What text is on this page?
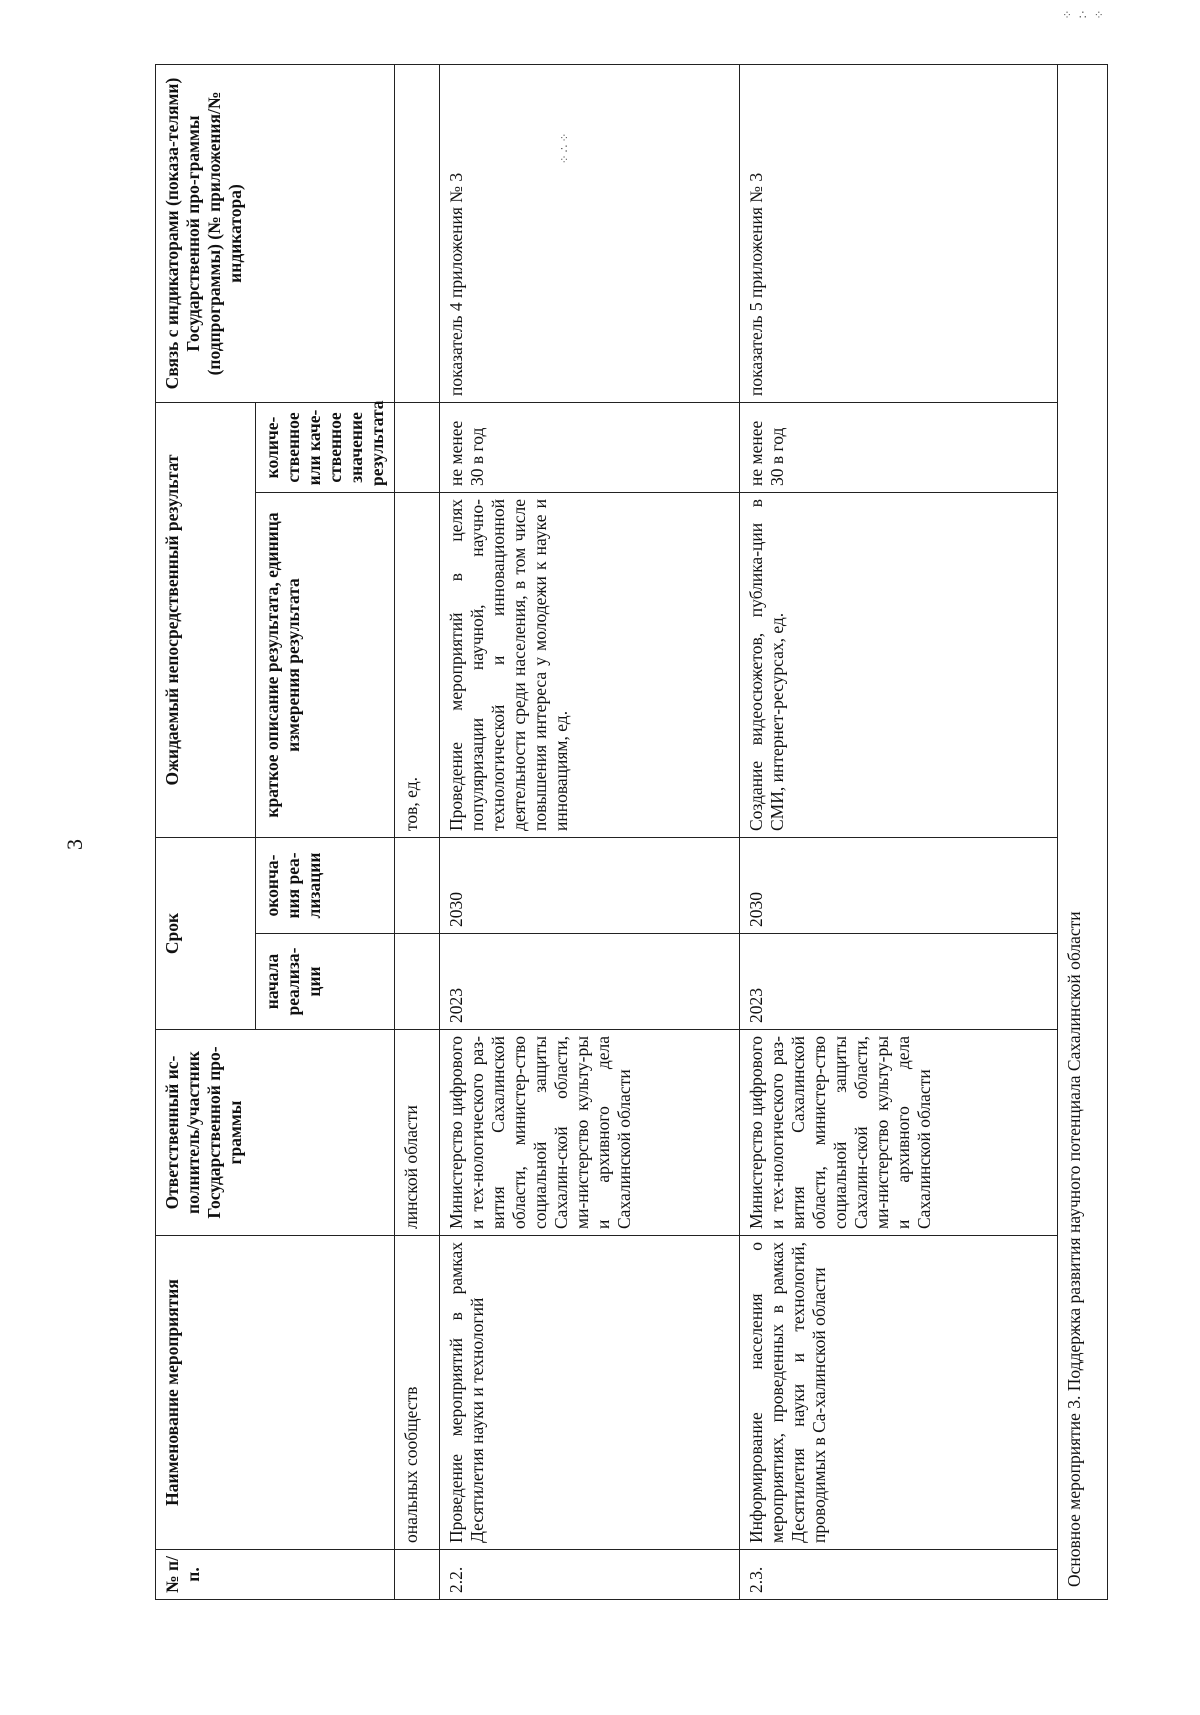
3
⁘ ∴ ⁘
⁘∴⁘
№ п/п.	Наименование мероприятия	Ответственный ис-полнитель/участник Государственной про-граммы	Срок		Ожидаемый непосредственный результат		Связь с индикаторами (показа-телями) Государственной про-граммы (подпрограммы) (№ приложения/№ индикатора)
			начала реализа-ции	оконча-ния реа-лизации	краткое описание результата, единица измерения результата	количе-ственное или каче-ственное значение результата	
	ональных сообществ	линской области			тов, ед.		
2.2.	Проведение мероприятий в рамках Десятилетия науки и технологий	Министерство цифрового и тех-нологического раз-вития Сахалинской области, министер-ство социальной защиты Сахалин-ской области, ми-нистерство культу-ры и архивного дела Сахалинской области	2023	2030	Проведение мероприятий в целях популяризации научной, научно-технологической и инновационной деятельности среди населения, в том числе повышения интереса у молодежи к науке и инновациям, ед.	не менее 30 в год	показатель 4 приложения № 3
2.3.	Информирование населения о мероприятиях, проведенных в рамках Десятилетия науки и технологий, проводимых в Са-халинской области	Министерство цифрового и тех-нологического раз-вития Сахалинской области, министер-ство социальной защиты Сахалин-ской области, ми-нистерство культу-ры и архивного дела Сахалинской области	2023	2030	Создание видеосюжетов, публика-ции в СМИ, интернет-ресурсах, ед.	не менее 30 в год	показатель 5 приложения № 3
Основное мероприятие 3. Поддержка развития научного потенциала Сахалинской области							
